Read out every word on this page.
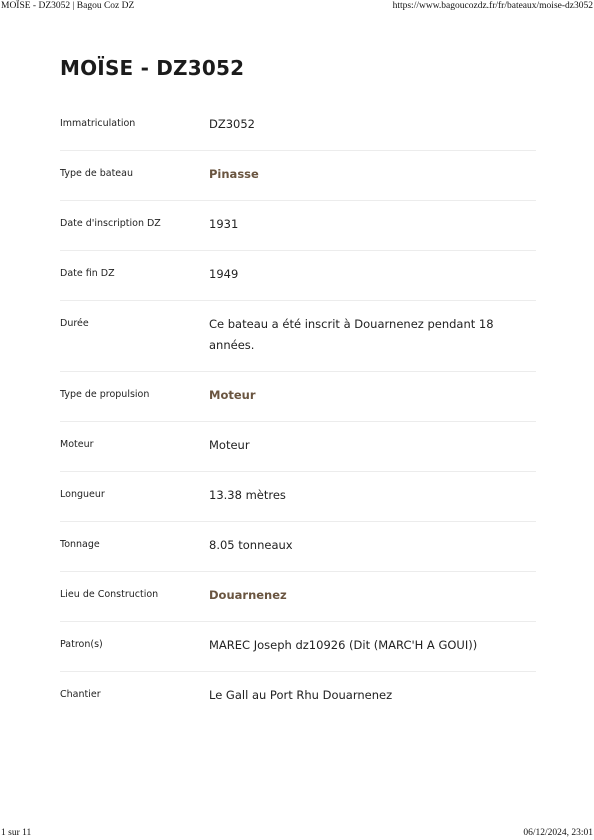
MOÏSE - DZ3052 | Bagou Coz DZ	https://www.bagoucozdz.fr/fr/bateaux/moise-dz3052
MOÏSE - DZ3052
Immatriculation	DZ3052
Type de bateau	Pinasse
Date d'inscription DZ	1931
Date fin DZ	1949
Durée	Ce bateau a été inscrit à Douarnenez pendant 18 années.
Type de propulsion	Moteur
Moteur	Moteur
Longueur	13.38 mètres
Tonnage	8.05 tonneaux
Lieu de Construction	Douarnenez
Patron(s)	MAREC Joseph dz10926 (Dit (MARC'H A GOUI))
Chantier	Le Gall au Port Rhu Douarnenez
1 sur 11	06/12/2024, 23:01
